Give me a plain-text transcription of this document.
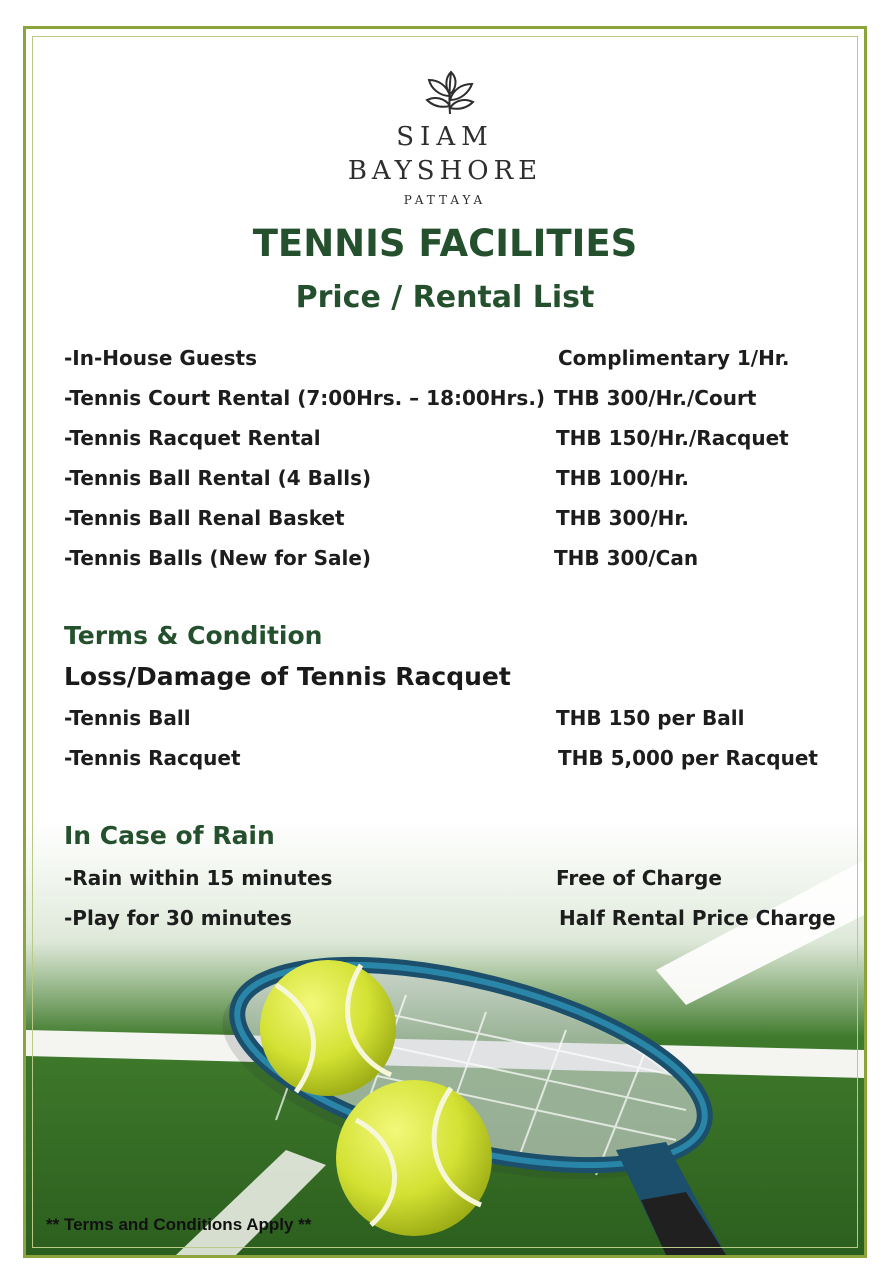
SIAM
BAYSHORE
PATTAYA
TENNIS FACILITIES
Price / Rental List
-In-House Guests	Complimentary 1/Hr.
-Tennis Court Rental (7:00Hrs. – 18:00Hrs.) THB 300/Hr./Court
-Tennis Racquet Rental	THB 150/Hr./Racquet
-Tennis Ball Rental (4 Balls)	THB 100/Hr.
-Tennis Ball Renal Basket	THB 300/Hr.
-Tennis Balls (New for Sale)	THB 300/Can
Terms & Condition
Loss/Damage of Tennis Racquet
-Tennis Ball	THB 150 per Ball
-Tennis Racquet	THB 5,000 per Racquet
In Case of Rain
-Rain within 15 minutes	Free of Charge
-Play for 30 minutes	Half Rental Price Charge
** Terms and Conditions Apply **
